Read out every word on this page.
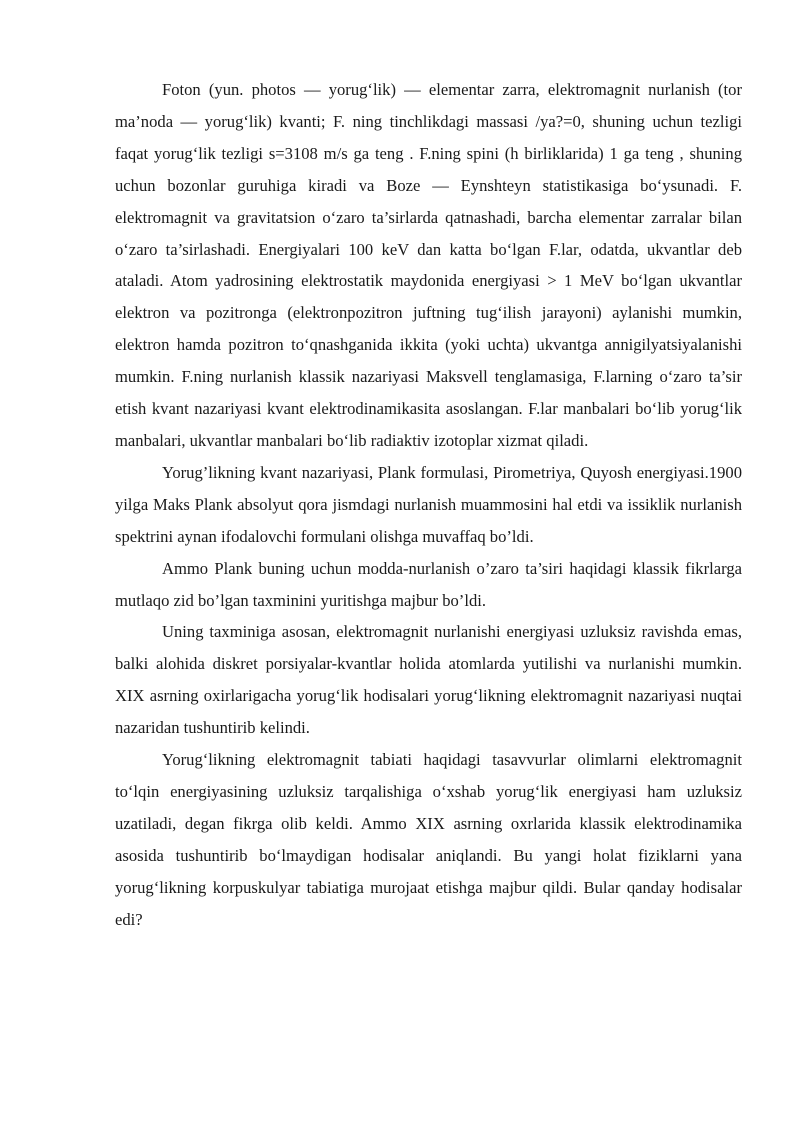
Foton (yun. photos — yorug‘lik) — elementar zarra, elektromagnit nurlanish (tor ma’noda — yorug‘lik) kvanti; F. ning tinchlikdagi massasi /ya?=0, shuning uchun tezligi faqat yorug‘lik tezligi s=3108 m/s ga teng . F.ning spini (h birliklarida) 1 ga teng , shuning uchun bozonlar guruhiga kiradi va Boze — Eynshteyn statistikasiga bo‘ysunadi. F. elektromagnit va gravitatsion o‘zaro ta’sirlarda qatnashadi, barcha elementar zarralar bilan o‘zaro ta’sirlashadi. Energiyalari 100 keV dan katta bo‘lgan F.lar, odatda, ukvantlar deb ataladi. Atom yadrosining elektrostatik maydonida energiyasi > 1 MeV bo‘lgan ukvantlar elektron va pozitronga (elektronpozitron juftning tug‘ilish jarayoni) aylanishi mumkin, elektron hamda pozitron to‘qnashganida ikkita (yoki uchta) ukvantga annigilyatsiyalanishi mumkin. F.ning nurlanish klassik nazariyasi Maksvell tenglamasiga, F.larning o‘zaro ta’sir etish kvant nazariyasi kvant elektrodinamikasita asoslangan. F.lar manbalari bo‘lib yorug‘lik manbalari, ukvantlar manbalari bo‘lib radiaktiv izotoplar xizmat qiladi.

Yorug’likning kvant nazariyasi, Plank formulasi, Pirometriya, Quyosh energiyasi.1900 yilga Maks Plank absolyut qora jismdagi nurlanish muammosini hal etdi va issiklik nurlanish spektrini aynan ifodalovchi formulani olishga muvaffaq bo’ldi.

Ammo Plank buning uchun modda-nurlanish o’zaro ta’siri haqidagi klassik fikrlarga mutlaqo zid bo’lgan taxminini yuritishga majbur bo’ldi.

Uning taxminiga asosan, elektromagnit nurlanishi energiyasi uzluksiz ravishda emas, balki alohida diskret porsiyalar-kvantlar holida atomlarda yutilishi va nurlanishi mumkin. XIX asrning oxirlarigacha yorug‘lik hodisalari yorug‘likning elektromagnit nazariyasi nuqtai nazaridan tushuntirib kelindi.

Yorug‘likning elektromagnit tabiati haqidagi tasavvurlar olimlarni elektromagnit to‘lqin energiyasining uzluksiz tarqalishiga o‘xshab yorug‘lik energiyasi ham uzluksiz uzatiladi, degan fikrga olib keldi. Ammo XIX asrning oxrlarida klassik elektrodinamika asosida tushuntirib bo‘lmaydigan hodisalar aniqlandi. Bu yangi holat fiziklarni yana yorug‘likning korpuskulyar tabiatiga murojaat etishga majbur qildi. Bular qanday hodisalar edi?
